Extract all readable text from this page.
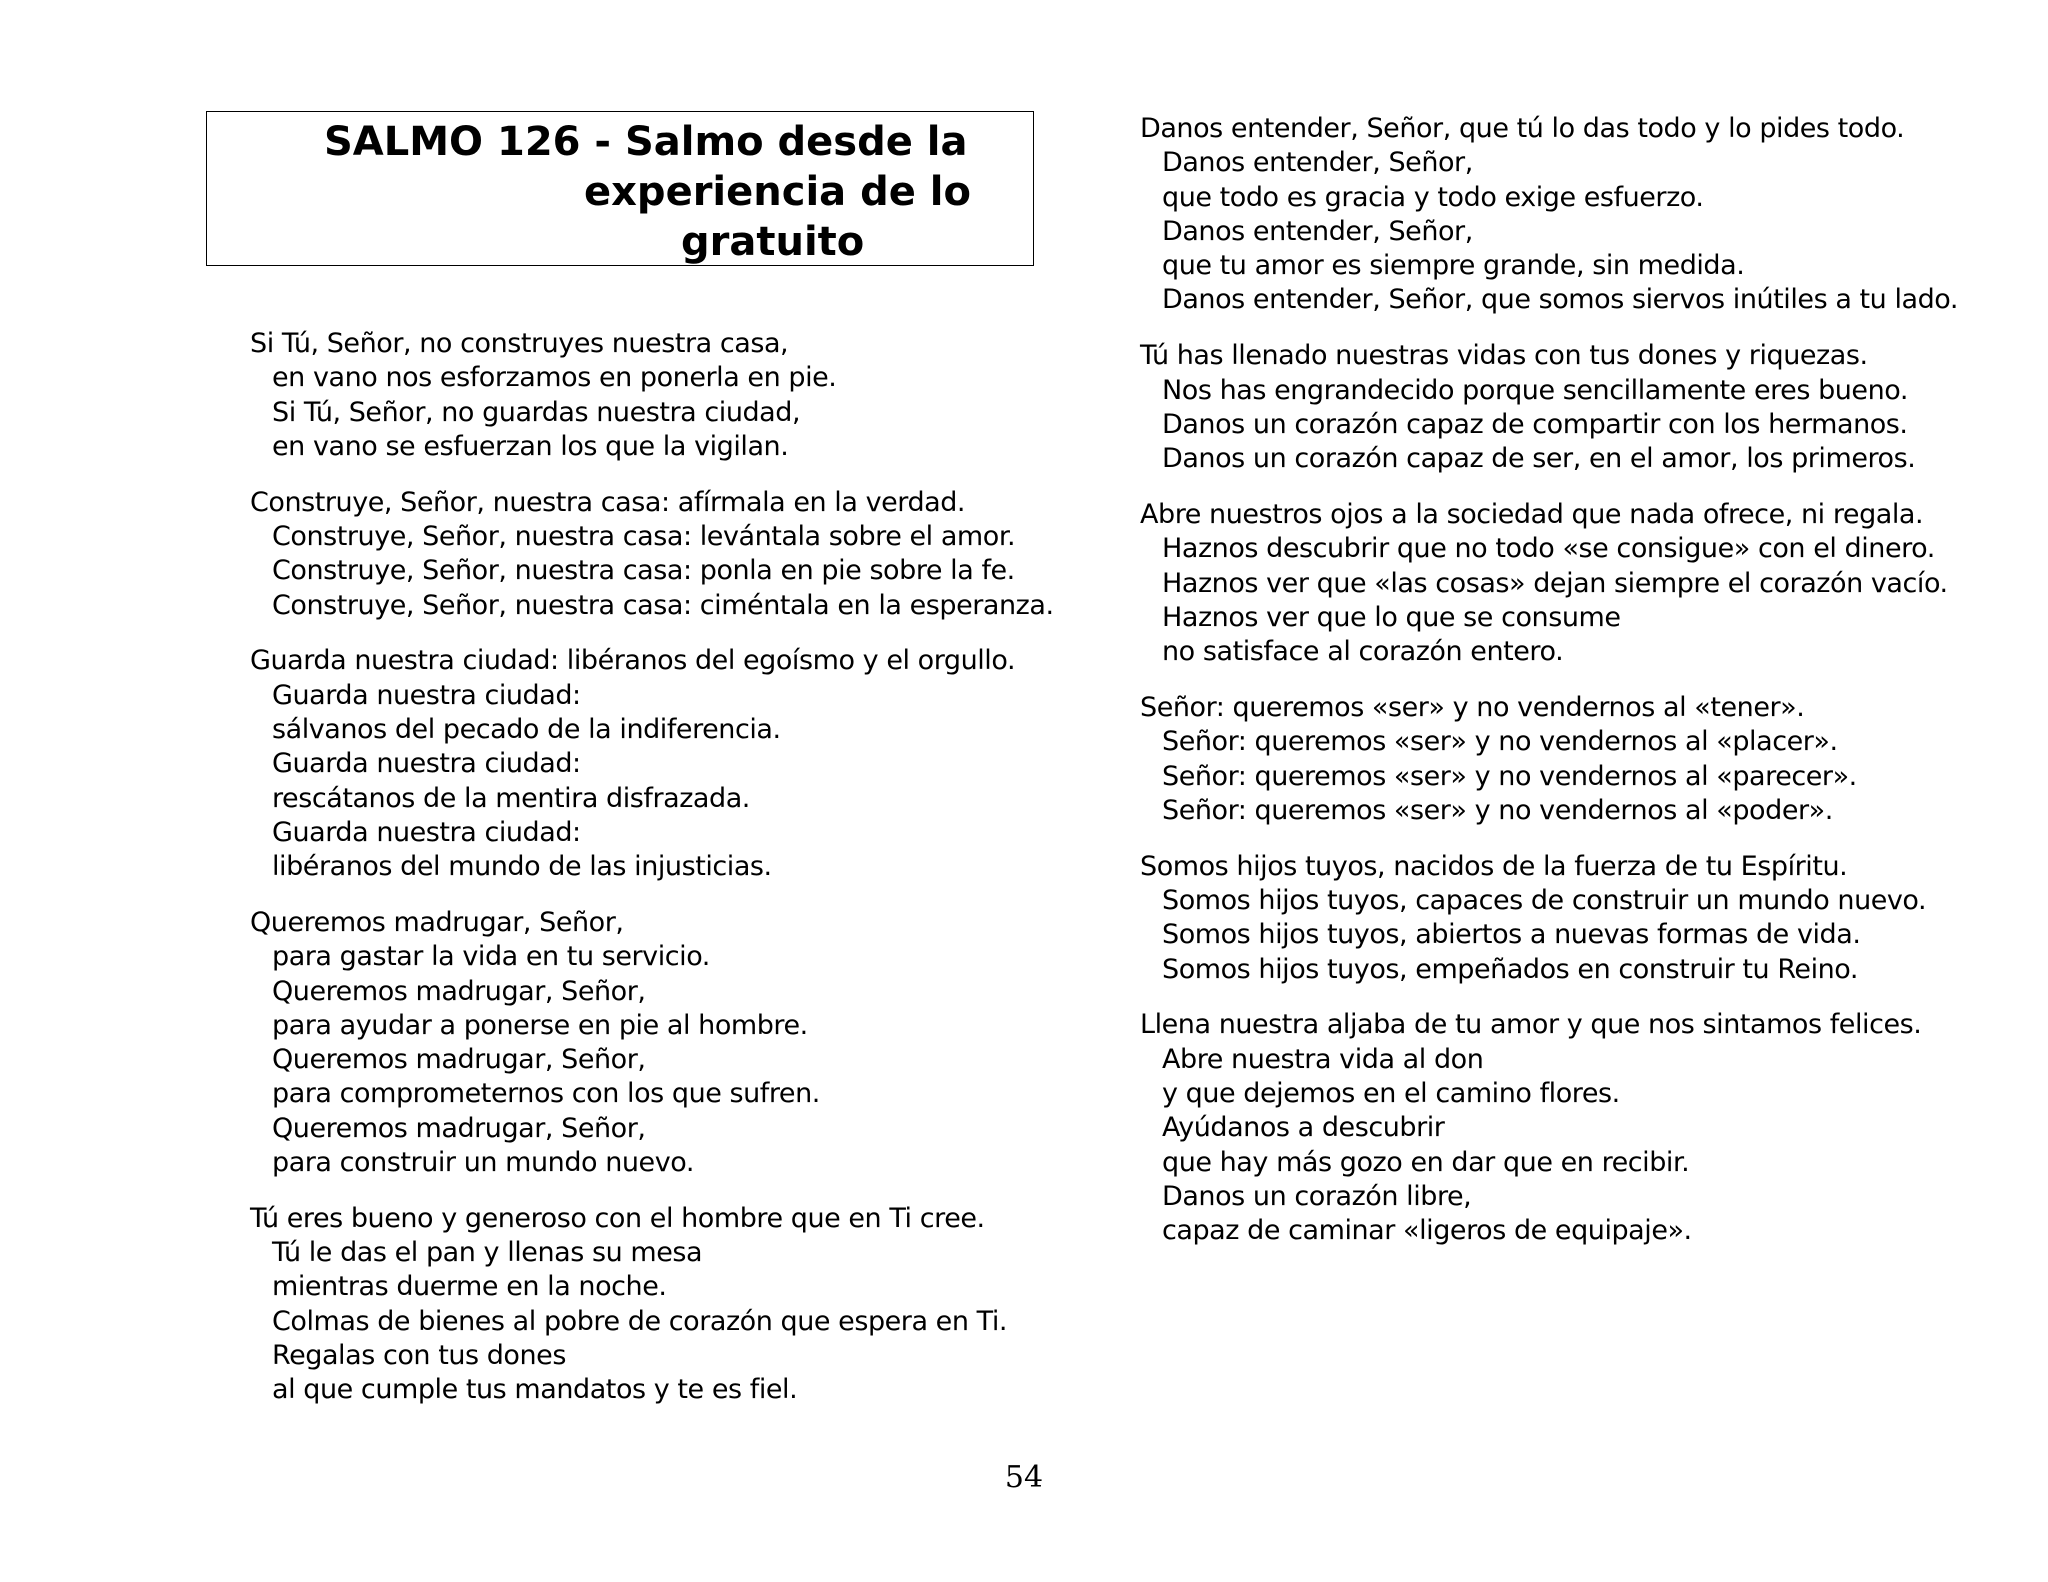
SALMO 126 - Salmo desde la
experiencia de lo
gratuito
Si Tú, Señor, no construyes nuestra casa,
en vano nos esforzamos en ponerla en pie.
Si Tú, Señor, no guardas nuestra ciudad,
en vano se esfuerzan los que la vigilan.
Construye, Señor, nuestra casa: afírmala en la verdad.
Construye, Señor, nuestra casa: levántala sobre el amor.
Construye, Señor, nuestra casa: ponla en pie sobre la fe.
Construye, Señor, nuestra casa: ciméntala en la esperanza.
Guarda nuestra ciudad: libéranos del egoísmo y el orgullo.
Guarda nuestra ciudad:
sálvanos del pecado de la indiferencia.
Guarda nuestra ciudad:
rescátanos de la mentira disfrazada.
Guarda nuestra ciudad:
libéranos del mundo de las injusticias.
Queremos madrugar, Señor,
para gastar la vida en tu servicio.
Queremos madrugar, Señor,
para ayudar a ponerse en pie al hombre.
Queremos madrugar, Señor,
para comprometernos con los que sufren.
Queremos madrugar, Señor,
para construir un mundo nuevo.
Tú eres bueno y generoso con el hombre que en Ti cree.
Tú le das el pan y llenas su mesa
mientras duerme en la noche.
Colmas de bienes al pobre de corazón que espera en Ti.
Regalas con tus dones
al que cumple tus mandatos y te es fiel.
Danos entender, Señor, que tú lo das todo y lo pides todo.
Danos entender, Señor,
que todo es gracia y todo exige esfuerzo.
Danos entender, Señor,
que tu amor es siempre grande, sin medida.
Danos entender, Señor, que somos siervos inútiles a tu lado.
Tú has llenado nuestras vidas con tus dones y riquezas.
Nos has engrandecido porque sencillamente eres bueno.
Danos un corazón capaz de compartir con los hermanos.
Danos un corazón capaz de ser, en el amor, los primeros.
Abre nuestros ojos a la sociedad que nada ofrece, ni regala.
Haznos descubrir que no todo «se consigue» con el dinero.
Haznos ver que «las cosas» dejan siempre el corazón vacío.
Haznos ver que lo que se consume
no satisface al corazón entero.
Señor: queremos «ser» y no vendernos al «tener».
Señor: queremos «ser» y no vendernos al «placer».
Señor: queremos «ser» y no vendernos al «parecer».
Señor: queremos «ser» y no vendernos al «poder».
Somos hijos tuyos, nacidos de la fuerza de tu Espíritu.
Somos hijos tuyos, capaces de construir un mundo nuevo.
Somos hijos tuyos, abiertos a nuevas formas de vida.
Somos hijos tuyos, empeñados en construir tu Reino.
Llena nuestra aljaba de tu amor y que nos sintamos felices.
Abre nuestra vida al don
y que dejemos en el camino flores.
Ayúdanos a descubrir
que hay más gozo en dar que en recibir.
Danos un corazón libre,
capaz de caminar «ligeros de equipaje».
54
